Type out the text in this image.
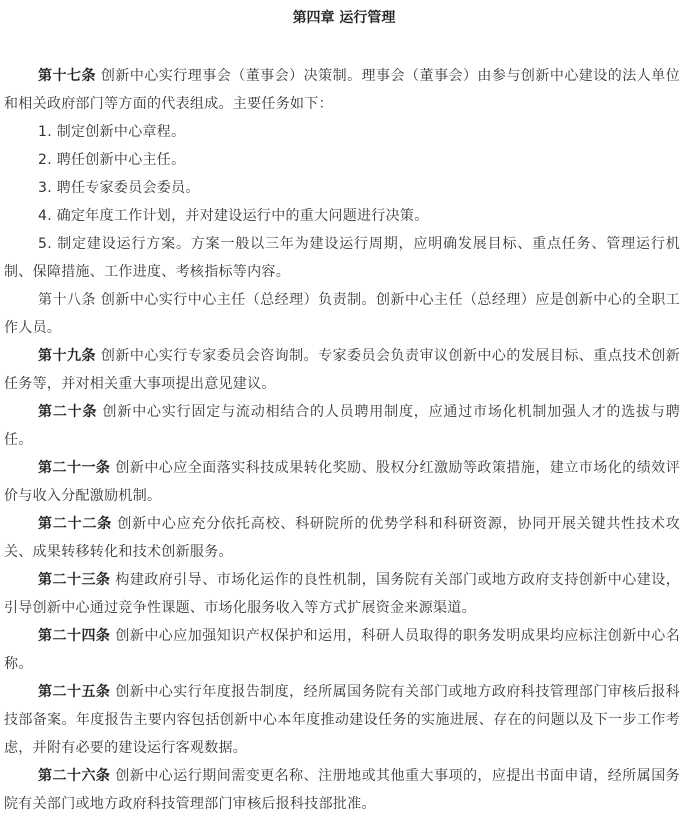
第四章 运行管理

第十七条 创新中心实行理事会（董事会）决策制。理事会（董事会）由参与创新中心建设的法人单位和相关政府部门等方面的代表组成。主要任务如下：

1. 制定创新中心章程。

2. 聘任创新中心主任。

3. 聘任专家委员会委员。

4. 确定年度工作计划，并对建设运行中的重大问题进行决策。

5. 制定建设运行方案。方案一般以三年为建设运行周期，应明确发展目标、重点任务、管理运行机制、保障措施、工作进度、考核指标等内容。

第十八条 创新中心实行中心主任（总经理）负责制。创新中心主任（总经理）应是创新中心的全职工作人员。

第十九条 创新中心实行专家委员会咨询制。专家委员会负责审议创新中心的发展目标、重点技术创新任务等，并对相关重大事项提出意见建议。

第二十条 创新中心实行固定与流动相结合的人员聘用制度，应通过市场化机制加强人才的选拔与聘任。

第二十一条 创新中心应全面落实科技成果转化奖励、股权分红激励等政策措施，建立市场化的绩效评价与收入分配激励机制。

第二十二条 创新中心应充分依托高校、科研院所的优势学科和科研资源，协同开展关键共性技术攻关、成果转移转化和技术创新服务。

第二十三条 构建政府引导、市场化运作的良性机制，国务院有关部门或地方政府支持创新中心建设，引导创新中心通过竞争性课题、市场化服务收入等方式扩展资金来源渠道。

第二十四条 创新中心应加强知识产权保护和运用，科研人员取得的职务发明成果均应标注创新中心名称。

第二十五条 创新中心实行年度报告制度，经所属国务院有关部门或地方政府科技管理部门审核后报科技部备案。年度报告主要内容包括创新中心本年度推动建设任务的实施进展、存在的问题以及下一步工作考虑，并附有必要的建设运行客观数据。

第二十六条 创新中心运行期间需变更名称、注册地或其他重大事项的，应提出书面申请，经所属国务院有关部门或地方政府科技管理部门审核后报科技部批准。
